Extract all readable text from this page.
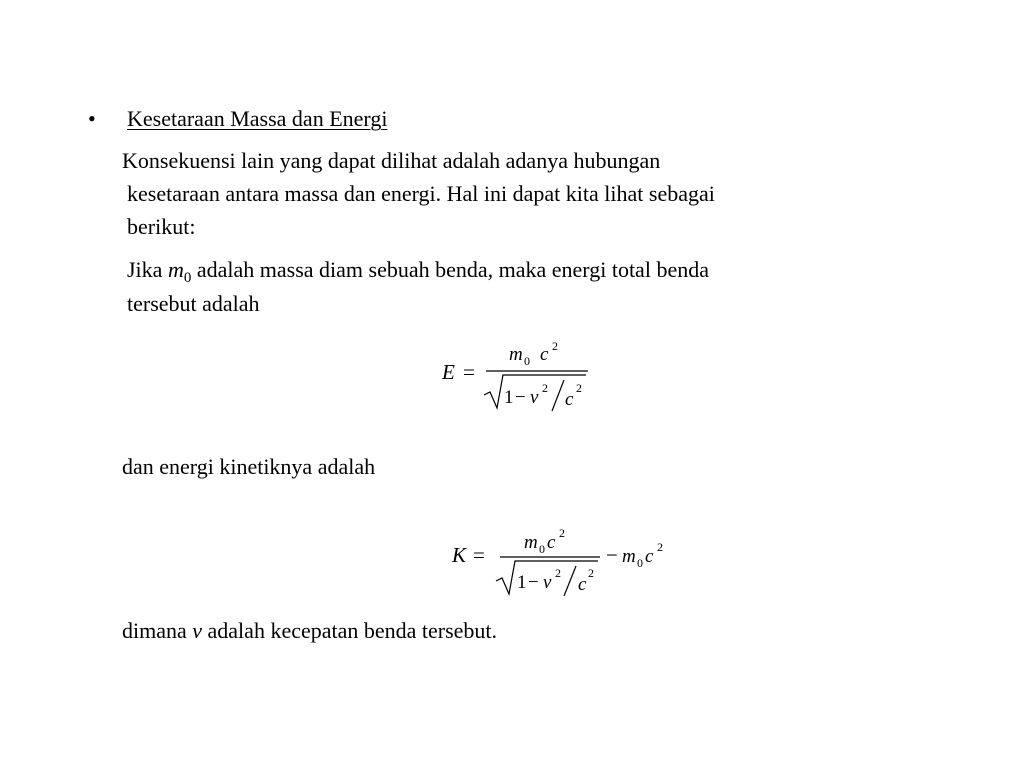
• Kesetaraan Massa dan Energi
Konsekuensi lain yang dapat dilihat adalah adanya hubungan
kesetaraan antara massa dan energi. Hal ini dapat kita lihat sebagai
berikut:
Jika $m_0$ adalah massa diam sebuah benda, maka energi total benda
tersebut adalah
E =
m 0 c 2
1 − v 2
c
2
dan energi kinetiknya adalah
K =
m 0 c 2
1 − v 2
c
2
− m 0 c 2
dimana v adalah kecepatan benda tersebut.
